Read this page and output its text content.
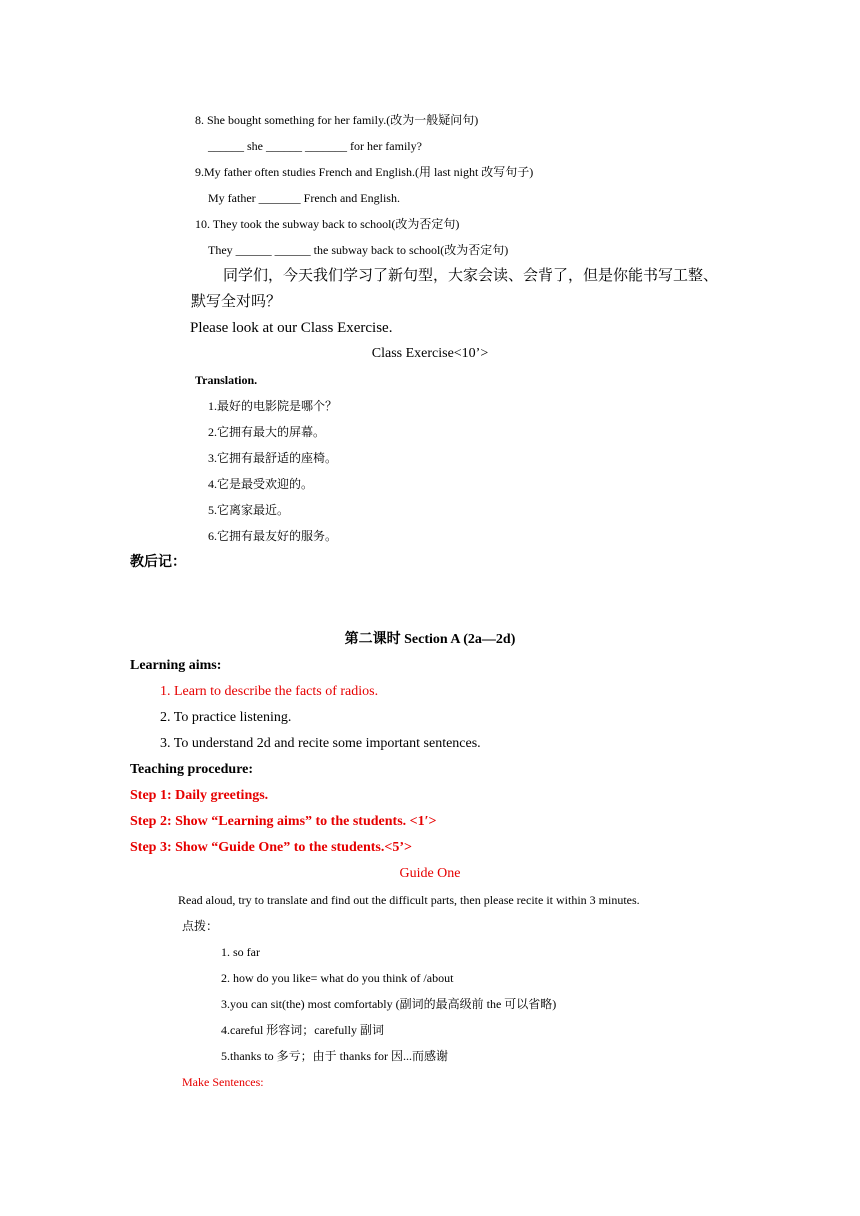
8. She bought something for her family.(改为一般疑问句)
______ she ______ _______ for her family?
9.My father often studies French and English.(用 last night 改写句子)
My father _______ French and English.
10. They took the subway back to school(改为否定句)
They ______ ______ the subway back to school(改为否定句)
同学们，今天我们学习了新句型，大家会读、会背了，但是你能书写工整、
默写全对吗？
Please look at our Class Exercise.
Class Exercise<10’>
Translation.
1.最好的电影院是哪个？
2.它拥有最大的屏幕。
3.它拥有最舒适的座椅。
4.它是最受欢迎的。
5.它离家最近。
6.它拥有最友好的服务。
教后记：
第二课时 Section A (2a—2d)
Learning aims:
1. Learn to describe the facts of radios.
2. To practice listening.
3. To understand 2d and recite some important sentences.
Teaching procedure:
Step 1: Daily greetings.
Step 2: Show “Learning aims” to the students. <1′>
Step 3: Show “Guide One” to the students.<5’>
Guide One
Read aloud, try to translate and find out the difficult parts, then please recite it within 3 minutes.
点拨：
1. so far
2. how do you like= what do you think of /about
3.you can sit(the) most comfortably (副词的最高级前 the 可以省略)
4.careful 形容词；carefully 副词
5.thanks to 多亏；由于 thanks for 因...而感谢
Make Sentences:
